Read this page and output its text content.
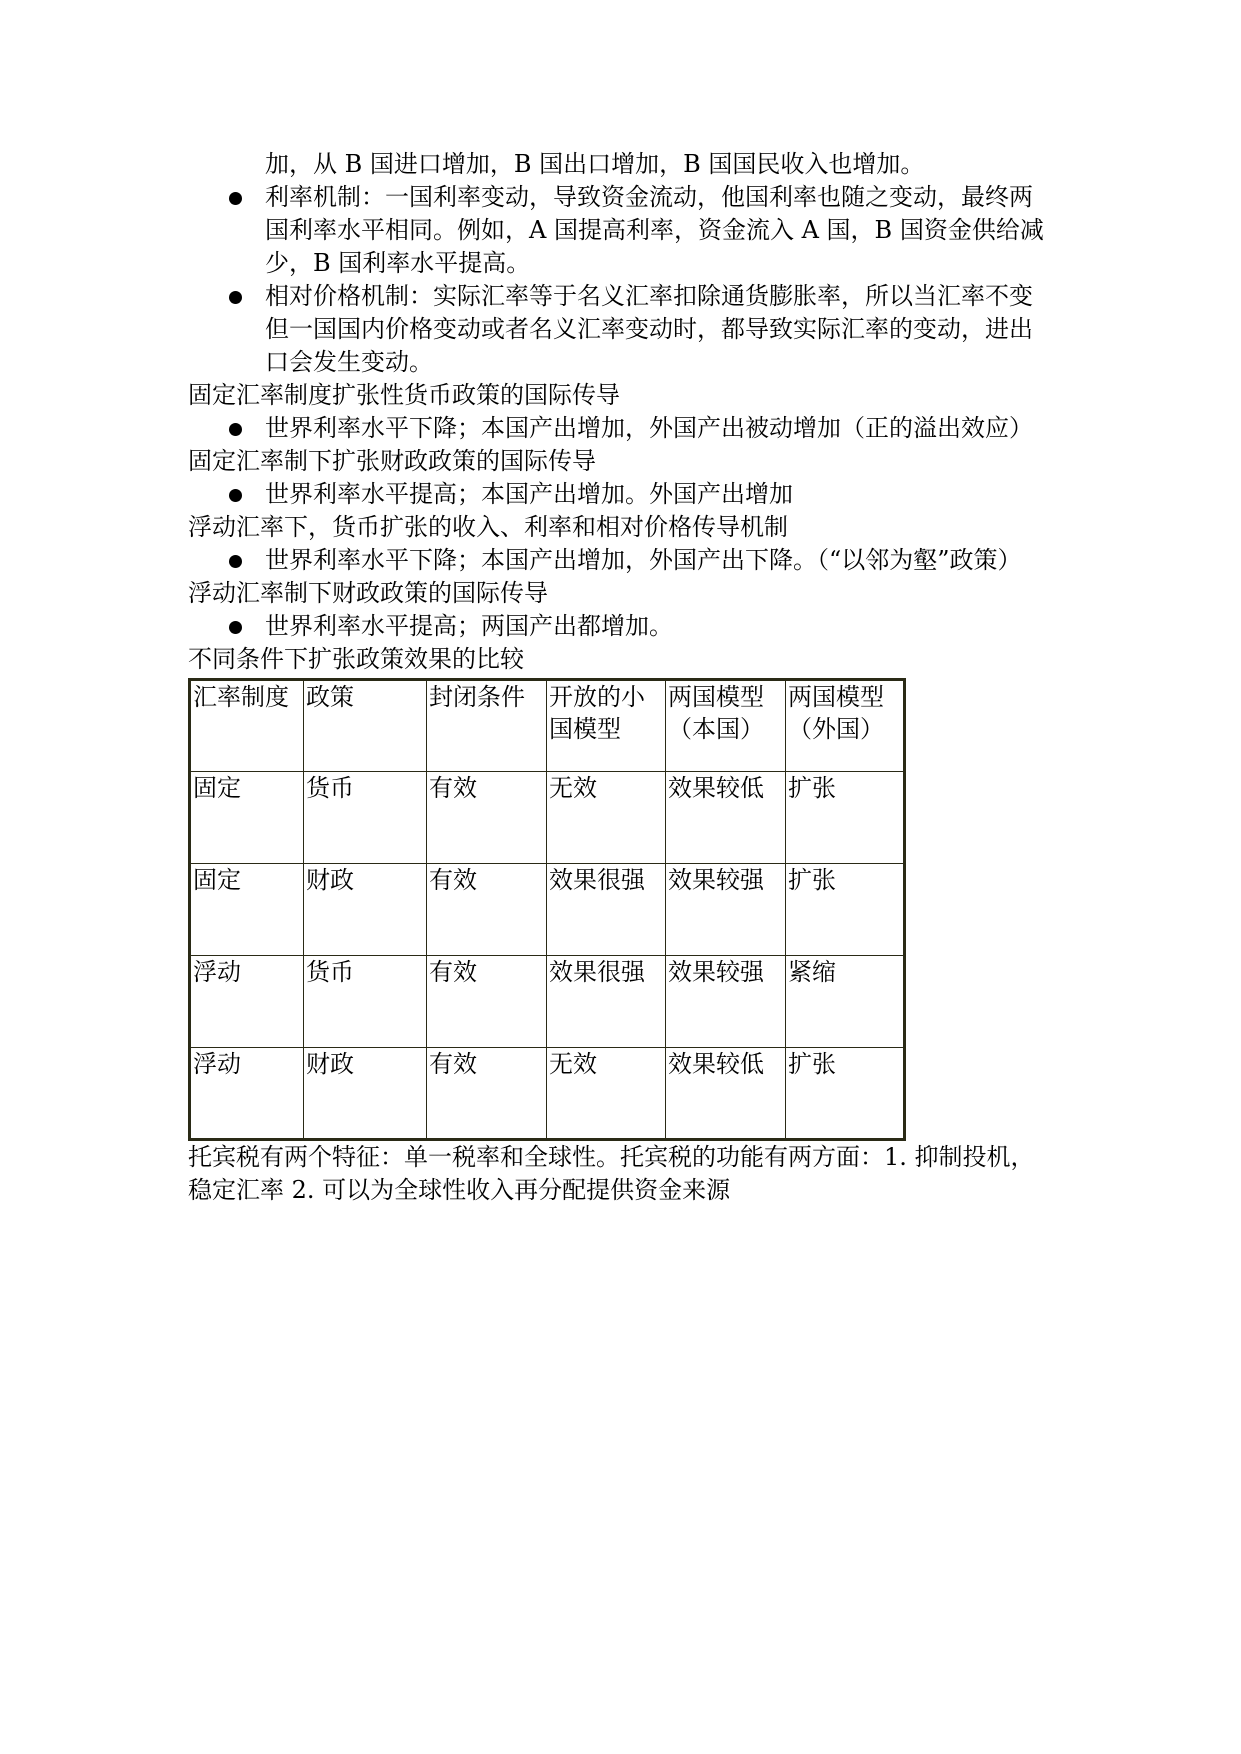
加，从 B 国进口增加，B 国出口增加，B 国国民收入也增加。
利率机制：一国利率变动，导致资金流动，他国利率也随之变动，最终两
国利率水平相同。例如，A 国提高利率，资金流入 A 国，B 国资金供给减
少，B 国利率水平提高。
相对价格机制：实际汇率等于名义汇率扣除通货膨胀率，所以当汇率不变
但一国国内价格变动或者名义汇率变动时，都导致实际汇率的变动，进出
口会发生变动。
固定汇率制度扩张性货币政策的国际传导
世界利率水平下降；本国产出增加，外国产出被动增加（正的溢出效应）
固定汇率制下扩张财政政策的国际传导
世界利率水平提高；本国产出增加。外国产出增加
浮动汇率下，货币扩张的收入、利率和相对价格传导机制
世界利率水平下降；本国产出增加，外国产出下降。（“以邻为壑”政策）
浮动汇率制下财政政策的国际传导
世界利率水平提高；两国产出都增加。
不同条件下扩张政策效果的比较
汇率制度	政策	封闭条件	开放的小国模型	两国模型（本国）	两国模型（外国）
固定	货币	有效	无效	效果较低	扩张
固定	财政	有效	效果很强	效果较强	扩张
浮动	货币	有效	效果很强	效果较强	紧缩
浮动	财政	有效	无效	效果较低	扩张
托宾税有两个特征：单一税率和全球性。托宾税的功能有两方面：1. 抑制投机，
稳定汇率 2. 可以为全球性收入再分配提供资金来源
